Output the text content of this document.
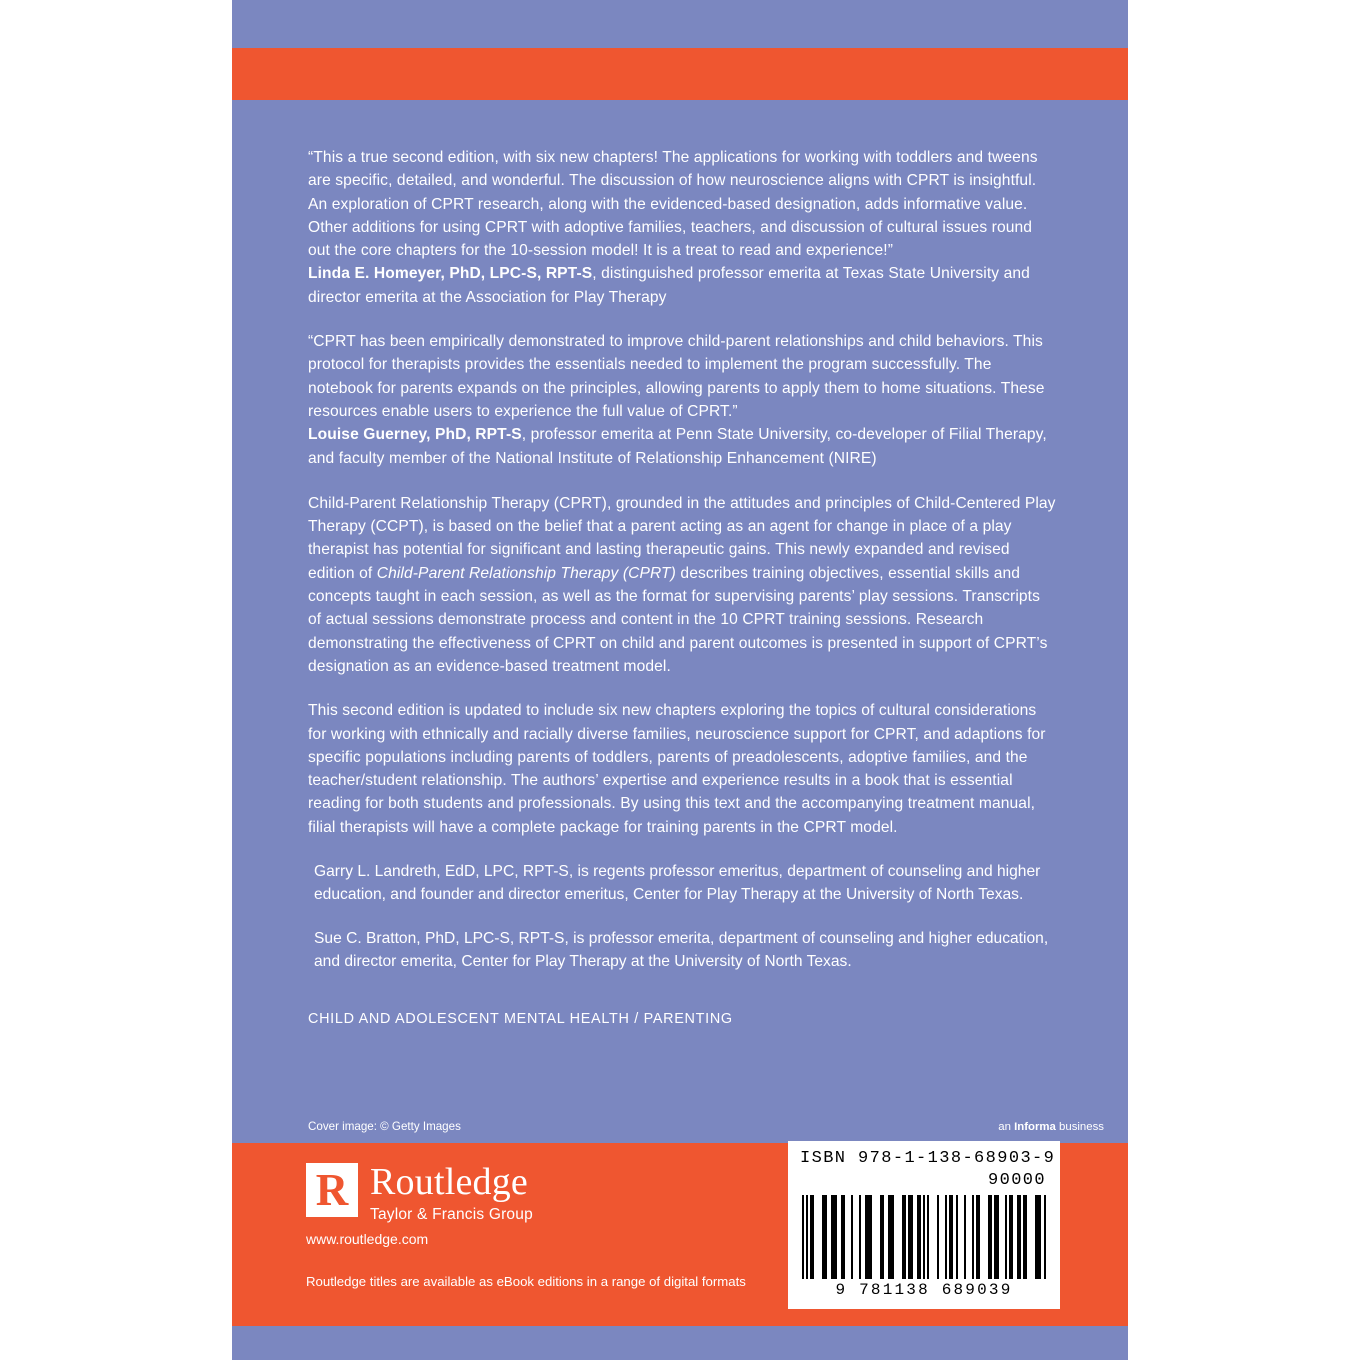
“This a true second edition, with six new chapters! The applications for working with toddlers and tweens are specific, detailed, and wonderful. The discussion of how neuroscience aligns with CPRT is insightful. An exploration of CPRT research, along with the evidenced-based designation, adds informative value. Other additions for using CPRT with adoptive families, teachers, and discussion of cultural issues round out the core chapters for the 10-session model! It is a treat to read and experience!”
Linda E. Homeyer, PhD, LPC-S, RPT-S, distinguished professor emerita at Texas State University and director emerita at the Association for Play Therapy

“CPRT has been empirically demonstrated to improve child-parent relationships and child behaviors. This protocol for therapists provides the essentials needed to implement the program successfully. The notebook for parents expands on the principles, allowing parents to apply them to home situations. These resources enable users to experience the full value of CPRT.”
Louise Guerney, PhD, RPT-S, professor emerita at Penn State University, co-developer of Filial Therapy, and faculty member of the National Institute of Relationship Enhancement (NIRE)

Child-Parent Relationship Therapy (CPRT), grounded in the attitudes and principles of Child-Centered Play Therapy (CCPT), is based on the belief that a parent acting as an agent for change in place of a play therapist has potential for significant and lasting therapeutic gains. This newly expanded and revised edition of Child-Parent Relationship Therapy (CPRT) describes training objectives, essential skills and concepts taught in each session, as well as the format for supervising parents’ play sessions. Transcripts of actual sessions demonstrate process and content in the 10 CPRT training sessions. Research demonstrating the effectiveness of CPRT on child and parent outcomes is presented in support of CPRT’s designation as an evidence-based treatment model.

This second edition is updated to include six new chapters exploring the topics of cultural considerations for working with ethnically and racially diverse families, neuroscience support for CPRT, and adaptions for specific populations including parents of toddlers, parents of preadolescents, adoptive families, and the teacher/student relationship. The authors’ expertise and experience results in a book that is essential reading for both students and professionals. By using this text and the accompanying treatment manual, filial therapists will have a complete package for training parents in the CPRT model.

Garry L. Landreth, EdD, LPC, RPT-S, is regents professor emeritus, department of counseling and higher education, and founder and director emeritus, Center for Play Therapy at the University of North Texas.

Sue C. Bratton, PhD, LPC-S, RPT-S, is professor emerita, department of counseling and higher education, and director emerita, Center for Play Therapy at the University of North Texas.

CHILD AND ADOLESCENT MENTAL HEALTH / PARENTING
Cover image: © Getty Images	an Informa business
R Routledge
Taylor & Francis Group
www.routledge.com
Routledge titles are available as eBook editions in a range of digital formats
ISBN 978-1-138-68903-9
90000
9 781138 689039
